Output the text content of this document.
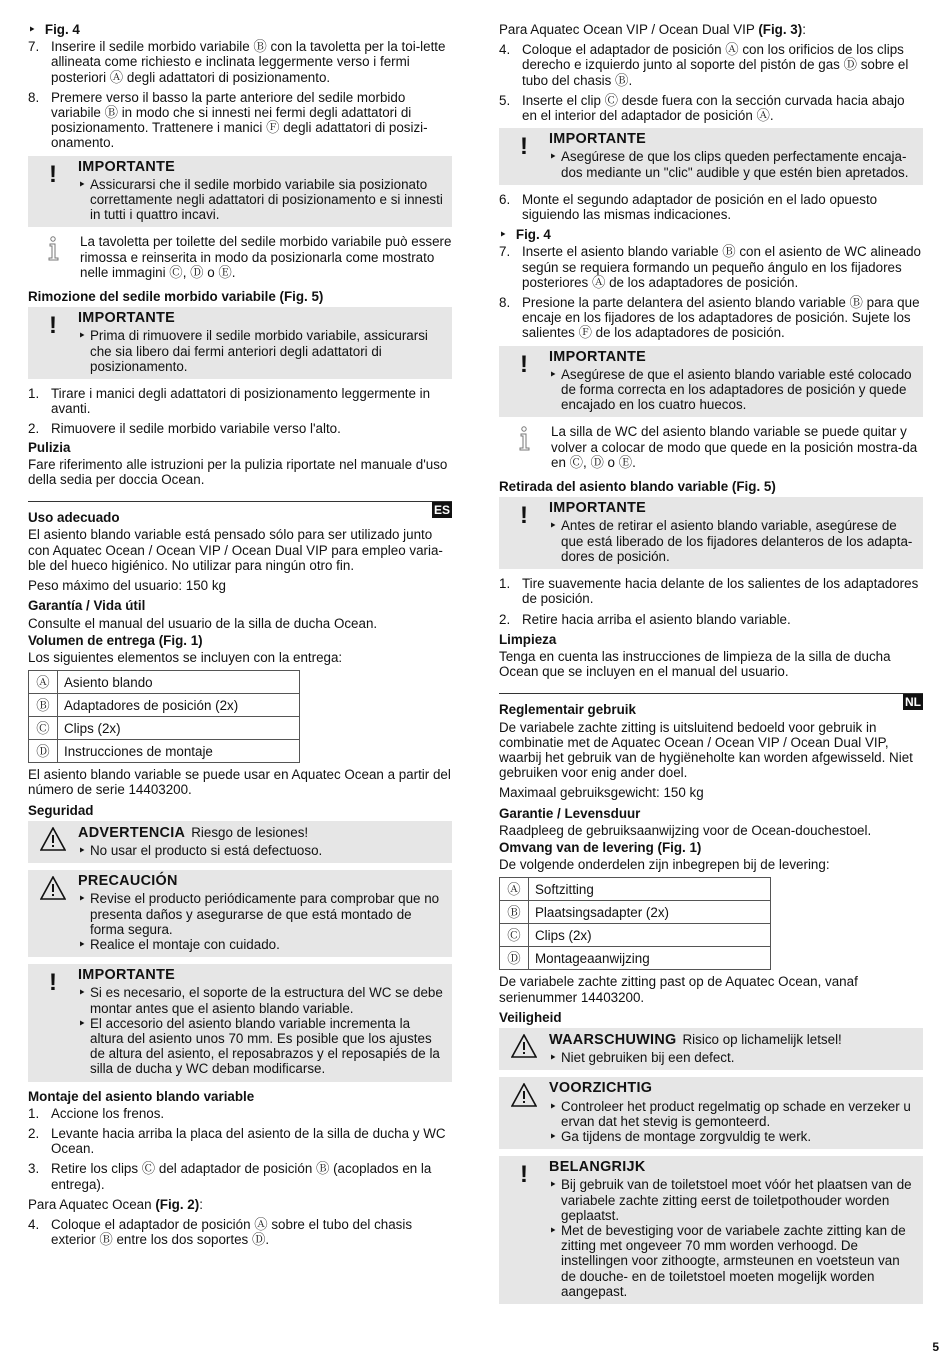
‣ Fig. 4
7. Inserire il sedile morbido variabile Ⓑ con la tavoletta per la toi-lette allineata come richiesto e inclinata leggermente verso i fermi posteriori Ⓐ degli adattatori di posizionamento.
8. Premere verso il basso la parte anteriore del sedile morbido variabile Ⓑ in modo che si innesti nei fermi degli adattatori di posizionamento. Trattenere i manici Ⓕ degli adattatori di posizi-onamento.
! IMPORTANTE
‣
Assicurarsi che il sedile morbido variabile sia posizionato correttamente negli adattatori di posizionamento e si innesti in tutti i quattro incavi.
La tavoletta per toilette del sedile morbido variabile può essere rimossa e reinserita in modo da posizionarla come mostrato nelle immagini Ⓒ, Ⓓ o Ⓔ.
Rimozione del sedile morbido variabile (Fig. 5)
! IMPORTANTE
‣
Prima di rimuovere il sedile morbido variabile, assicurarsi che sia libero dai fermi anteriori degli adattatori di posizionamento.
1. Tirare i manici degli adattatori di posizionamento leggermente in avanti.
2. Rimuovere il sedile morbido variabile verso l'alto.
Pulizia

Fare riferimento alle istruzioni per la pulizia riportate nel manuale d'uso della sedia per doccia Ocean.

ES
Uso adecuado

El asiento blando variable está pensado sólo para ser utilizado junto con Aquatec Ocean / Ocean VIP / Ocean Dual VIP para empleo varia-ble del hueco higiénico. No utilizar para ningún otro fin.

Peso máximo del usuario: 150 kg

Garantía / Vida útil

Consulte el manual del usuario de la silla de ducha Ocean.

Volumen de entrega (Fig. 1)

Los siguientes elementos se incluyen con la entrega:

Ⓐ	Asiento blando
Ⓑ	Adaptadores de posición (2x)
Ⓒ	Clips (2x)
Ⓓ	Instrucciones de montaje

El asiento blando variable se puede usar en Aquatec Ocean a partir del número de serie 14403200.

Seguridad
ADVERTENCIA Riesgo de lesiones!
‣
No usar el producto si está defectuoso.
PRECAUCIÓN
‣
Revise el producto periódicamente para comprobar que no presenta daños y asegurarse de que está montado de forma segura.
‣
Realice el montaje con cuidado.
! IMPORTANTE
‣
Si es necesario, el soporte de la estructura del WC se debe montar antes que el asiento blando variable.
‣
El accesorio del asiento blando variable incrementa la altura del asiento unos 70 mm. Es posible que los ajustes de altura del asiento, el reposabrazos y el reposapiés de la silla de ducha y WC deban modificarse.
Montaje del asiento blando variable
1. Accione los frenos.
2. Levante hacia arriba la placa del asiento de la silla de ducha y WC Ocean.
3. Retire los clips Ⓒ del adaptador de posición Ⓑ (acoplados en la entrega).

Para Aquatec Ocean (Fig. 2):

4. Coloque el adaptador de posición Ⓐ sobre el tubo del chasis exterior Ⓑ entre los dos soportes Ⓓ.

Para Aquatec Ocean VIP / Ocean Dual VIP (Fig. 3):

4. Coloque el adaptador de posición Ⓐ con los orificios de los clips derecho e izquierdo junto al soporte del pistón de gas Ⓓ sobre el tubo del chasis Ⓑ.
5. Inserte el clip Ⓒ desde fuera con la sección curvada hacia abajo en el interior del adaptador de posición Ⓐ.
! IMPORTANTE
‣
Asegúrese de que los clips queden perfectamente encaja-dos mediante un "clic" audible y que estén bien apretados.
6. Monte el segundo adaptador de posición en el lado opuesto siguiendo las mismas indicaciones.
‣ Fig. 4
7. Inserte el asiento blando variable Ⓑ con el asiento de WC alineado según se requiera formando un pequeño ángulo en los fijadores posteriores Ⓐ de los adaptadores de posición.
8. Presione la parte delantera del asiento blando variable Ⓑ para que encaje en los fijadores de los adaptadores de posición. Sujete los salientes Ⓕ de los adaptadores de posición.
! IMPORTANTE
‣
Asegúrese de que el asiento blando variable esté colocado de forma correcta en los adaptadores de posición y quede encajado en los cuatro huecos.
La silla de WC del asiento blando variable se puede quitar y volver a colocar de modo que quede en la posición mostra-da en Ⓒ, Ⓓ o Ⓔ.
Retirada del asiento blando variable (Fig. 5)
! IMPORTANTE
‣
Antes de retirar el asiento blando variable, asegúrese de que está liberado de los fijadores delanteros de los adapta-dores de posición.
1. Tire suavemente hacia delante de los salientes de los adaptadores de posición.
2. Retire hacia arriba el asiento blando variable.
Limpieza

Tenga en cuenta las instrucciones de limpieza de la silla de ducha Ocean que se incluyen en el manual del usuario.

NL
Reglementair gebruik

De variabele zachte zitting is uitsluitend bedoeld voor gebruik in combinatie met de Aquatec Ocean / Ocean VIP / Ocean Dual VIP, waarbij het gebruik van de hygiëneholte kan worden afgewisseld. Niet gebruiken voor enig ander doel.

Maximaal gebruiksgewicht: 150 kg

Garantie / Levensduur

Raadpleeg de gebruiksaanwijzing voor de Ocean-douchestoel.

Omvang van de levering (Fig. 1)

De volgende onderdelen zijn inbegrepen bij de levering:

Ⓐ	Softzitting
Ⓑ	Plaatsingsadapter (2x)
Ⓒ	Clips (2x)
Ⓓ	Montageaanwijzing

De variabele zachte zitting past op de Aquatec Ocean, vanaf serienummer 14403200.

Veiligheid
WAARSCHUWING Risico op lichamelijk letsel!
‣
Niet gebruiken bij een defect.
VOORZICHTIG
‣
Controleer het product regelmatig op schade en verzeker u ervan dat het stevig is gemonteerd.
‣
Ga tijdens de montage zorgvuldig te werk.
! BELANGRIJK
‣
Bij gebruik van de toiletstoel moet vóór het plaatsen van de variabele zachte zitting eerst de toiletpothouder worden geplaatst.
‣
Met de bevestiging voor de variabele zachte zitting kan de zitting met ongeveer 70 mm worden verhoogd. De instellingen voor zithoogte, armsteunen en voetsteun van de douche- en de toiletstoel moeten mogelijk worden aangepast.
5
